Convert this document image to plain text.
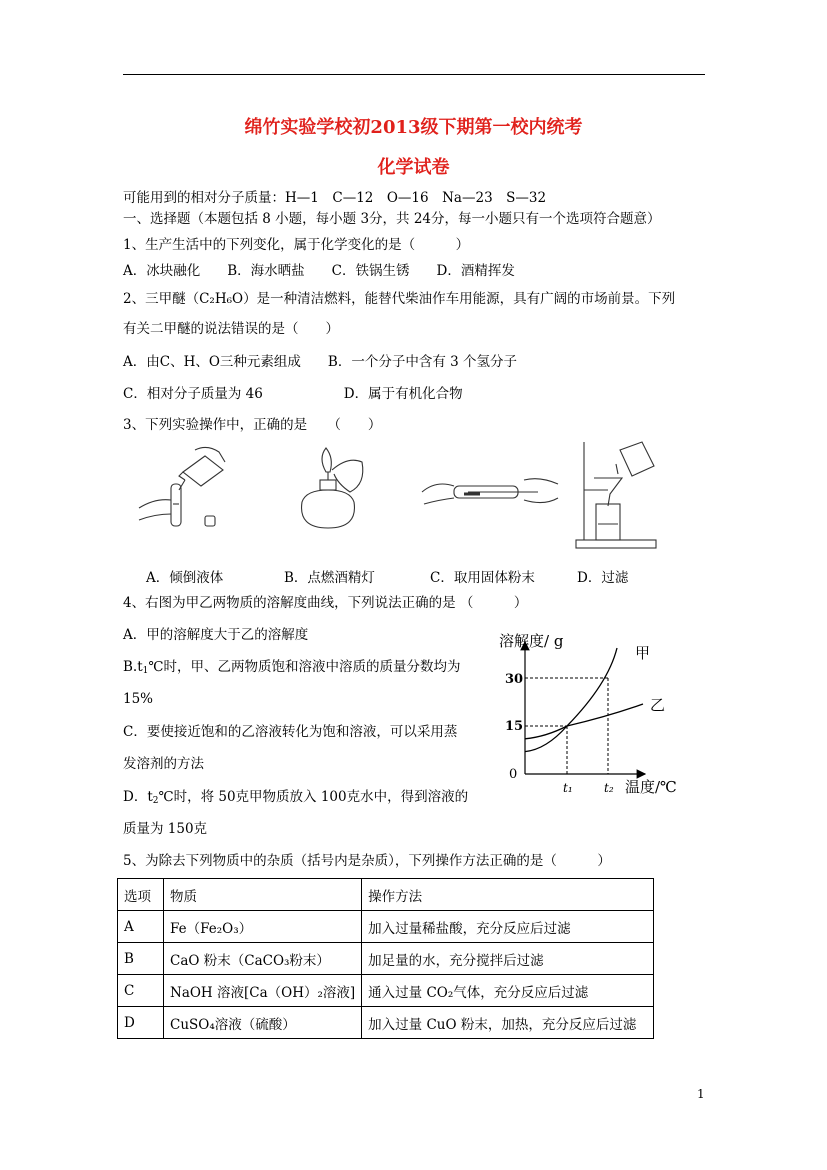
绵竹实验学校初2013级下期第一校内统考
化学试卷
可能用到的相对分子质量：H—1　C—12　O—16　Na—23　S—32
一、选择题（本题包括 8 小题，每小题 3分，共 24分，每一小题只有一个选项符合题意）
1、生产生活中的下列变化，属于化学变化的是（　　　）
A．冰块融化　　B．海水晒盐　　C．铁锅生锈　　D．酒精挥发
2、三甲醚（C₂H₆O）是一种清洁燃料，能替代柴油作车用能源，具有广阔的市场前景。下列
有关二甲醚的说法错误的是（　　）
A．由C、H、O三种元素组成　　B．一个分子中含有 3 个氢分子
C．相对分子质量为 46　　　　　　D．属于有机化合物
3、下列实验操作中，正确的是　　（　　）
A．倾倒液体	B．点燃酒精灯	C．取用固体粉末	D．过滤
4、右图为甲乙两物质的溶解度曲线，下列说法正确的是 （　　　）
A．甲的溶解度大于乙的溶解度
$B.t_1℃$时，甲、乙两物质饱和溶液中溶质的质量分数均为
15%
C．要使接近饱和的乙溶液转化为饱和溶液，可以采用蒸
发溶剂的方法
D．$t_2℃$时，将 50克甲物质放入 100克水中，得到溶液的
质量为 150克
溶解度/ g
温度/℃
30
15
0
t₁	t₂
甲
乙
5、为除去下列物质中的杂质（括号内是杂质），下列操作方法正确的是（　　　）
选项	物质	操作方法
A	Fe（Fe₂O₃）	加入过量稀盐酸，充分反应后过滤
B	CaO 粉末（CaCO₃粉末）	加足量的水，充分搅拌后过滤
C	NaOH 溶液[Ca（OH）₂溶液]	通入过量 CO₂气体，充分反应后过滤
D	CuSO₄溶液（硫酸）	加入过量 CuO 粉末，加热，充分反应后过滤
1
